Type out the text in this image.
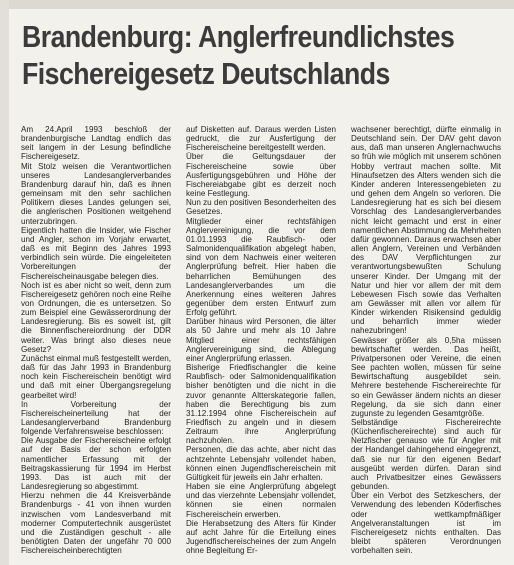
Brandenburg: Anglerfreundlichstes
Fischereigesetz Deutschlands

Am 24.April 1993 beschloß der brandenburgische Landtag endlich das seit langem in der Lesung befindliche Fischereigesetz.

Mit Stolz weisen die Verantwortlichen unseres Landesanglerverbandes Brandenburg darauf hin, daß es ihnen gemeinsam mit den sehr sachlichen Politikern dieses Landes gelungen sei, die anglerischen Positionen weitgehend unterzubringen.

Eigentlich hatten die Insider, wie Fischer und Angler, schon im Vorjahr erwartet, daß es mit Beginn des Jahres 1993 verbindlich sein würde. Die eingeleiteten Vorbereitungen der Fischereischeinausgabe belegen dies.

Noch ist es aber nicht so weit, denn zum Fischereigesetz gehören noch eine Reihe von Ordnungen, die es untersetzen. So zum Beispiel eine Gewässerordnung der Landesregierung. Bis es soweit ist, gilt die Binnenfischereiordnung der DDR weiter. Was bringt also dieses neue Gesetz?

Zunächst einmal muß festgestellt werden, daß für das Jahr 1993 in Brandenburg noch kein Fischereischein benötigt wird und daß mit einer Übergangsregelung gearbeitet wird!

In Vorbereitung der Fischereischeinerteilung hat der Landesanglerverband Brandenburg folgende Verfahrensweise beschlossen:

Die Ausgabe der Fischereischeine erfolgt auf der Basis der schon erfolgten namentlicher Erfassung mit der Beitragskassierung für 1994 im Herbst 1993. Das ist auch mit der Landesregierung so abgestimmt.

Hierzu nehmen die 44 Kreisverbände Brandenburgs - 41 von ihnen wurden inzwischen vom Landesverband mit moderner Computertechnik ausgerüstet und die Zuständigen geschult - alle benötigten Daten der ungefähr 70 000 Fischereischeinberechtigten

auf Disketten auf. Daraus werden Listen gedruckt, die zur Ausfertigung der Fischereischeine bereitgestellt werden.

Über die Geltungsdauer der Fischereischeine sowie über Ausfertigungsgebühren und Höhe der Fischereiabgabe gibt es derzeit noch keine Festlegung.

Nun zu den positiven Besonderheiten des Gesetzes.

Mitglieder einer rechtsfähigen Anglervereinigung, die vor dem 01.01.1993 die Raubfisch- oder Salmonidenqualifikation abgelegt haben, sind von dem Nachweis einer weiteren Anglerprüfung befreit. Hier haben die beharrlichen Bemühungen des Landesanglerverbandes um die Anerkennung eines weiteren Jahres gegenüber dem ersten Entwurf zum Erfolg geführt.

Darüber hinaus wird Personen, die älter als 50 Jahre und mehr als 10 Jahre Mitglied einer rechtsfähigen Anglervereinigung sind, die Ablegung einer Anglerprüfung erlassen.

Bisherige Friedfischangler die keine Raubfisch- oder Salmonidenqualifikation bisher benötigten und die nicht in die zuvor genannte Altterskategorie fallen, haben die Berechtigung bis zum 31.12.1994 ohne Fischereischein auf Friedfisch zu angeln und in diesem Zeitraum ihre Anglerprüfung nachzuholen.

Personen, die das achte, aber nicht das achtzehnte Lebensjahr vollendet haben, können einen Jugendfischereischein mit Gültigkeit für jeweils ein Jahr erhalten.

Haben sie eine Anglerprüfung abgelegt und das vierzehnte Lebensjahr vollendet, können sie einen normalen Fischereischein erwerben.

Die Herabsetzung des Alters für Kinder auf acht Jahre für die Erteilung eines Jugendfischereischeines der zum Angeln ohne Begleitung Er-

wachsener berechtigt, dürfte einmalig in Deutschland sein. Der DAV geht davon aus, daß man unseren Anglernachwuchs so früh wie möglich mit unserem schönen Hobby vertraut machen sollte. Mit Hinaufsetzen des Alters wenden sich die Kinder anderen Interessengebieten zu und gehen dem Angeln so verloren. Die Landesregierung hat es sich bei diesem Vorschlag des Landesanglerverbandes nicht leicht gemacht und erst in einer namentlichen Abstimmung da Mehrheiten dafür gewonnen. Daraus erwachsen aber allen Anglern, Vereinen und Verbänden des DAV Verpflichtungen zur verantwortungsbewußten Schulung unserer Kinder. Der Umgang mit der Natur und hier vor allem der mit dem Lebewesen Fisch sowie das Verhalten am Gewässer mit allen vor allem für Kinder wirkenden Risikensind geduldig und beharrlich immer wieder nahezubringen!

Gewässer größer als 0,5ha müssen bewirtschaftet werden. Das heißt, Privatpersonen oder Vereine, die einen See pachten wollen, müssen für seine Bewirtschaftung ausgebildet sein. Mehrere bestehende Fischereirechte für so ein Gewässer ändern nichts an dieser Regelung, da sie sich dann einer zugunste zu legenden Gesamtgröße.

Selbständige Fischereirechte (Küchenfischereirechte) sind auch für Netzfischer genauso wie für Angler mit der Handangel dahingehend eingegrenzt, daß sie nur für den eigenen Bedarf ausgeübt werden dürfen. Daran sind auch Privatbesitzer eines Gewässers gebunden.

Über ein Verbot des Setzkeschers, der Verwendung des lebenden Köderfisches oder wettkampfmäßiger Angelveranstaltungen ist im Fischereigesetz nichts enthalten. Das bleibt späteren Verordnungen vorbehalten sein.
